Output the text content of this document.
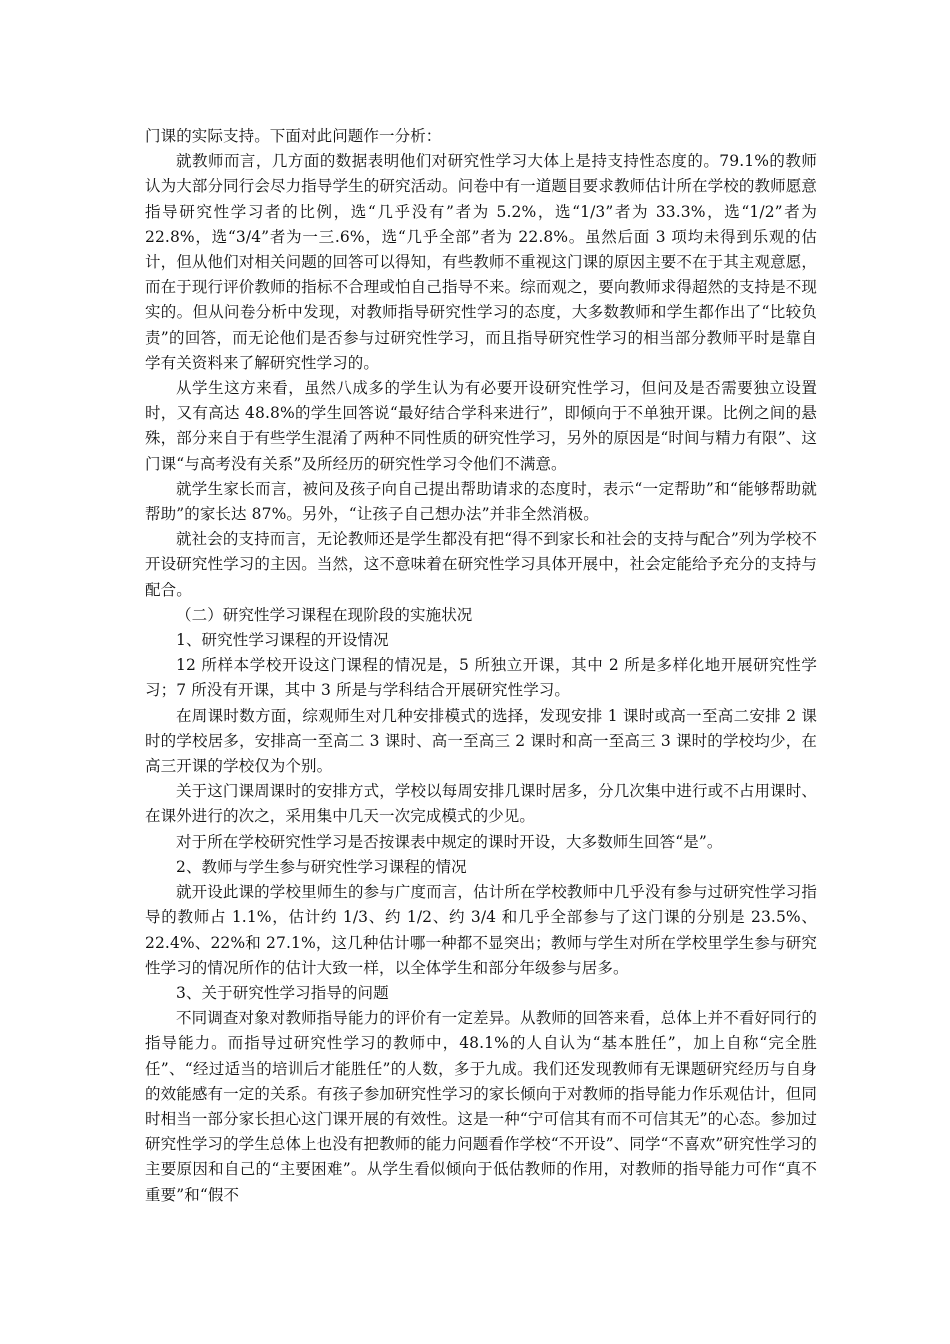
门课的实际支持。下面对此问题作一分析：

就教师而言，几方面的数据表明他们对研究性学习大体上是持支持性态度的。79.1%的教师认为大部分同行会尽力指导学生的研究活动。问卷中有一道题目要求教师估计所在学校的教师愿意指导研究性学习者的比例，选“几乎没有”者为 5.2%，选“1/3”者为 33.3%，选“1/2”者为 22.8%，选“3/4”者为一三.6%，选“几乎全部”者为 22.8%。虽然后面 3 项均未得到乐观的估计，但从他们对相关问题的回答可以得知，有些教师不重视这门课的原因主要不在于其主观意愿，而在于现行评价教师的指标不合理或怕自己指导不来。综而观之，要向教师求得超然的支持是不现实的。但从问卷分析中发现，对教师指导研究性学习的态度，大多数教师和学生都作出了“比较负责”的回答，而无论他们是否参与过研究性学习，而且指导研究性学习的相当部分教师平时是靠自学有关资料来了解研究性学习的。

从学生这方来看，虽然八成多的学生认为有必要开设研究性学习，但问及是否需要独立设置时，又有高达 48.8%的学生回答说“最好结合学科来进行”，即倾向于不单独开课。比例之间的悬殊，部分来自于有些学生混淆了两种不同性质的研究性学习，另外的原因是“时间与精力有限”、这门课“与高考没有关系”及所经历的研究性学习令他们不满意。

就学生家长而言，被问及孩子向自己提出帮助请求的态度时，表示“一定帮助”和“能够帮助就帮助”的家长达 87%。另外，“让孩子自己想办法”并非全然消极。

就社会的支持而言，无论教师还是学生都没有把“得不到家长和社会的支持与配合”列为学校不开设研究性学习的主因。当然，这不意味着在研究性学习具体开展中，社会定能给予充分的支持与配合。

（二）研究性学习课程在现阶段的实施状况

1、研究性学习课程的开设情况

12 所样本学校开设这门课程的情况是，5 所独立开课，其中 2 所是多样化地开展研究性学习；7 所没有开课，其中 3 所是与学科结合开展研究性学习。

在周课时数方面，综观师生对几种安排模式的选择，发现安排 1 课时或高一至高二安排 2 课时的学校居多，安排高一至高二 3 课时、高一至高三 2 课时和高一至高三 3 课时的学校均少，在高三开课的学校仅为个别。

关于这门课周课时的安排方式，学校以每周安排几课时居多，分几次集中进行或不占用课时、在课外进行的次之，采用集中几天一次完成模式的少见。

对于所在学校研究性学习是否按课表中规定的课时开设，大多数师生回答“是”。

2、教师与学生参与研究性学习课程的情况

就开设此课的学校里师生的参与广度而言，估计所在学校教师中几乎没有参与过研究性学习指导的教师占 1.1%，估计约 1/3、约 1/2、约 3/4 和几乎全部参与了这门课的分别是 23.5%、22.4%、22%和 27.1%，这几种估计哪一种都不显突出；教师与学生对所在学校里学生参与研究性学习的情况所作的估计大致一样，以全体学生和部分年级参与居多。

3、关于研究性学习指导的问题

不同调查对象对教师指导能力的评价有一定差异。从教师的回答来看，总体上并不看好同行的指导能力。而指导过研究性学习的教师中，48.1%的人自认为“基本胜任”，加上自称“完全胜任”、“经过适当的培训后才能胜任”的人数，多于九成。我们还发现教师有无课题研究经历与自身的效能感有一定的关系。有孩子参加研究性学习的家长倾向于对教师的指导能力作乐观估计，但同时相当一部分家长担心这门课开展的有效性。这是一种“宁可信其有而不可信其无”的心态。参加过研究性学习的学生总体上也没有把教师的能力问题看作学校“不开设”、同学“不喜欢”研究性学习的主要原因和自己的“主要困难”。从学生看似倾向于低估教师的作用，对教师的指导能力可作“真不重要”和“假不
